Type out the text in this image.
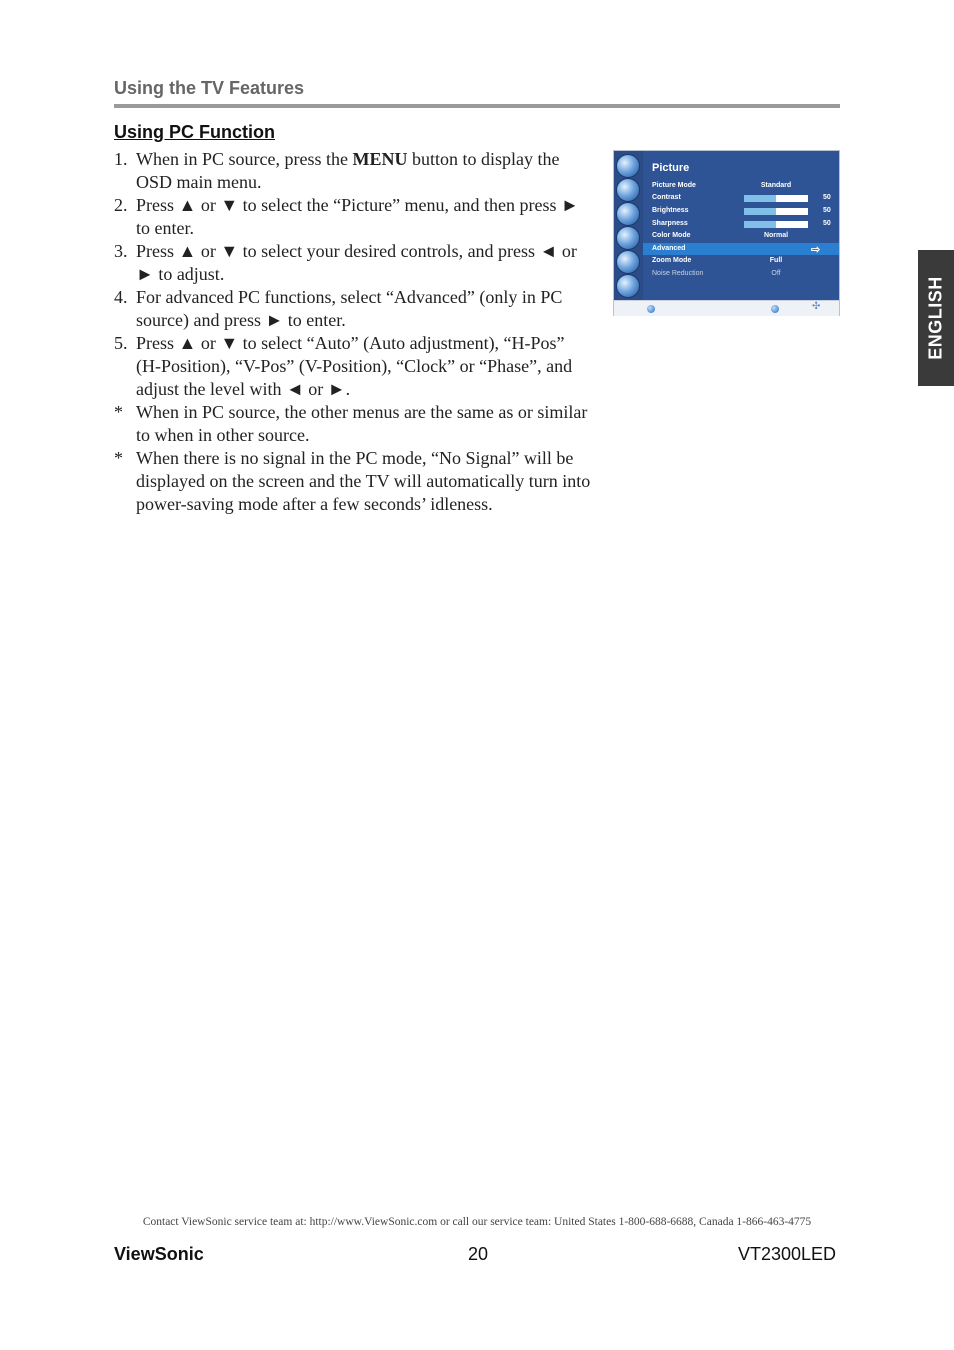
Using the TV Features
Using PC Function
1. When in PC source, press the MENU button to display the OSD main menu.
2. Press ▲ or ▼ to select the “Picture” menu, and then press ► to enter.
3. Press ▲ or ▼ to select your desired controls, and press ◄ or ► to adjust.
4. For advanced PC functions, select “Advanced” (only in PC source) and press ► to enter.
5. Press ▲ or ▼ to select “Auto” (Auto adjustment), “H-Pos” (H-Position), “V-Pos” (V-Position), “Clock” or “Phase”, and adjust the level with ◄ or ►.
* When in PC source, the other menus are the same as or similar to when in other source.
* When there is no signal in the PC mode, “No Signal” will be displayed on the screen and the TV will automatically turn into power-saving mode after a few seconds’ idleness.
Picture
Picture Mode	Standard
Contrast	50
Brightness	50
Sharpness	50
Color Mode	Normal
Advanced	⇨
Zoom Mode	Full
Noise Reduction	Off
✣	ENGLISH
Contact ViewSonic service team at: http://www.ViewSonic.com or call our service team: United States 1-800-688-6688, Canada 1-866-463-4775
ViewSonic	20	VT2300LED
